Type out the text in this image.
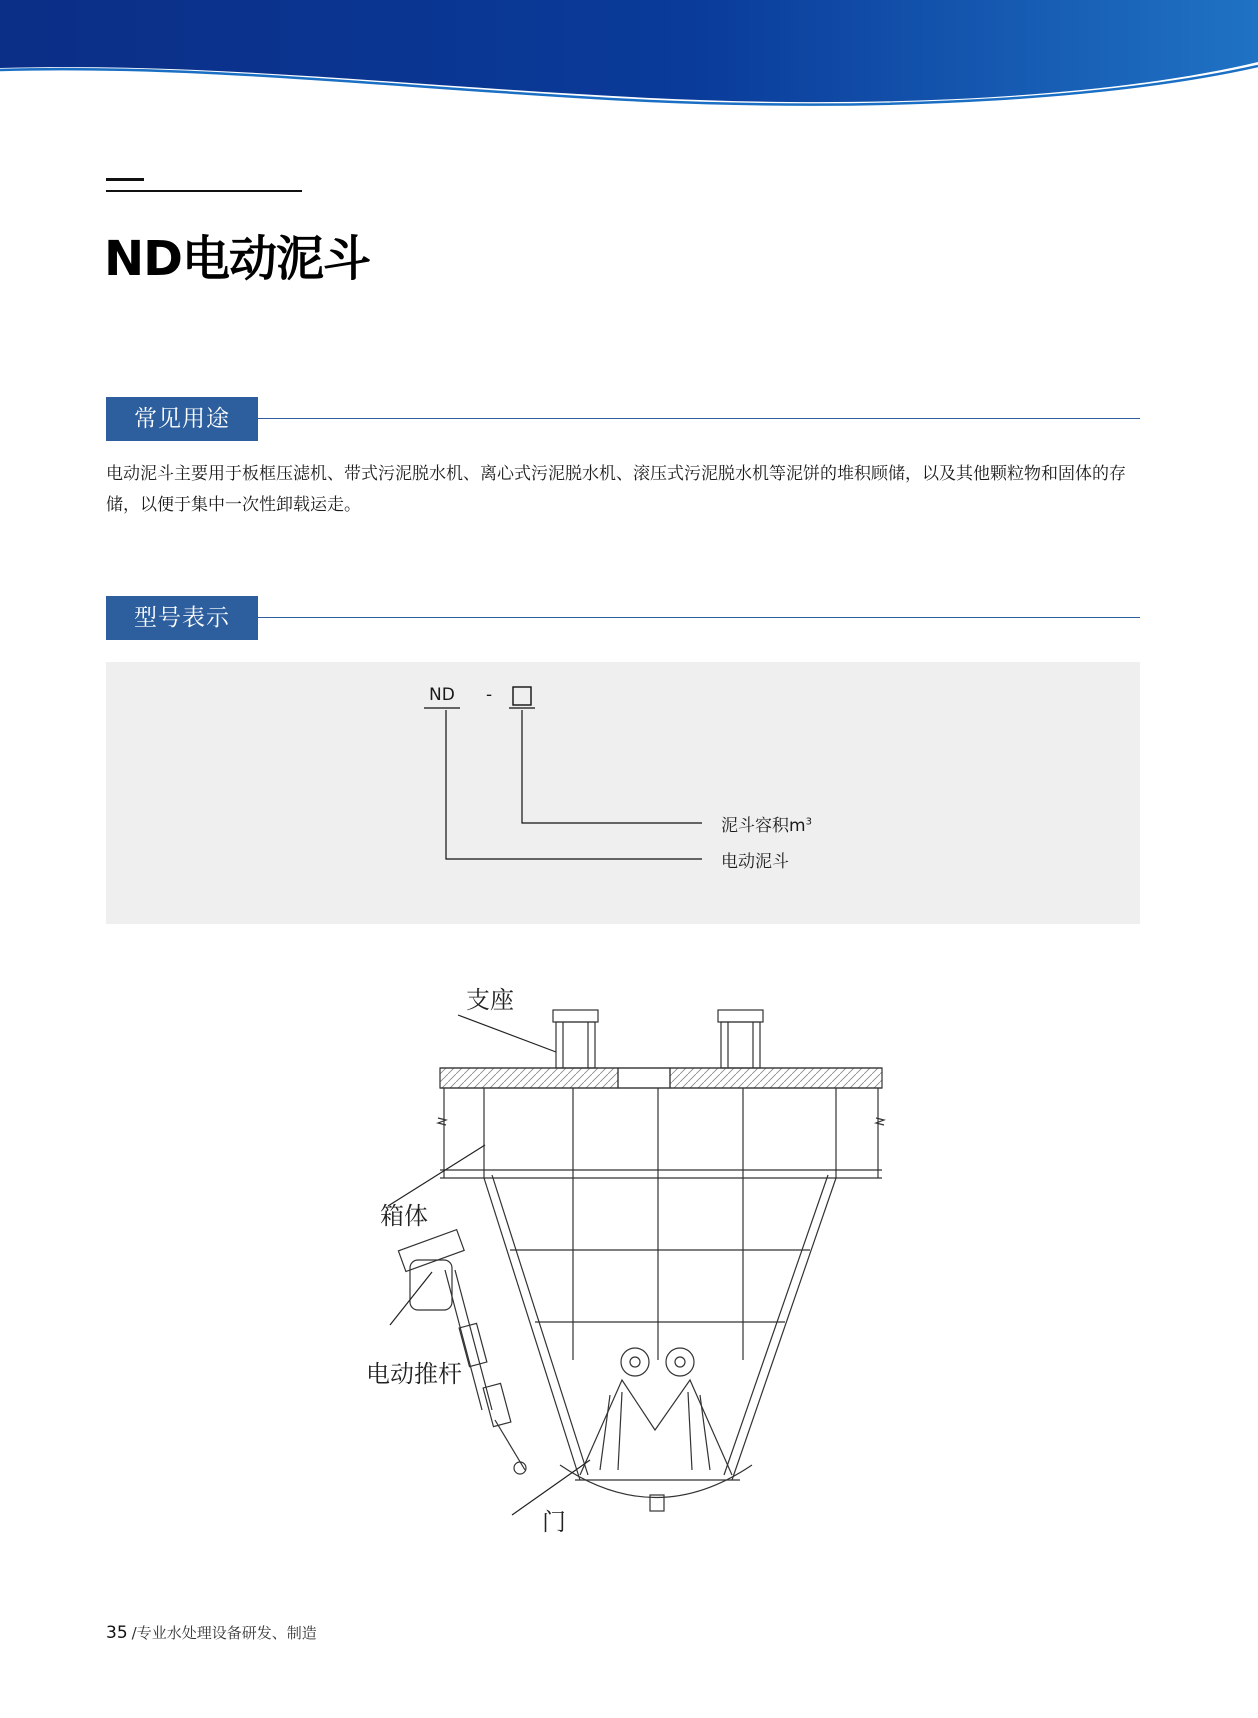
ND电动泥斗
常见用途
电动泥斗主要用于板框压滤机、带式污泥脱水机、离心式污泥脱水机、滚压式污泥脱水机等泥饼的堆积顾储，以及其他颗粒物和固体的存储，以便于集中一次性卸载运走。
型号表示
ND -
泥斗容积$m^3$
电动泥斗
支座
箱体
电动推杆
门
35 /专业水处理设备研发、制造
